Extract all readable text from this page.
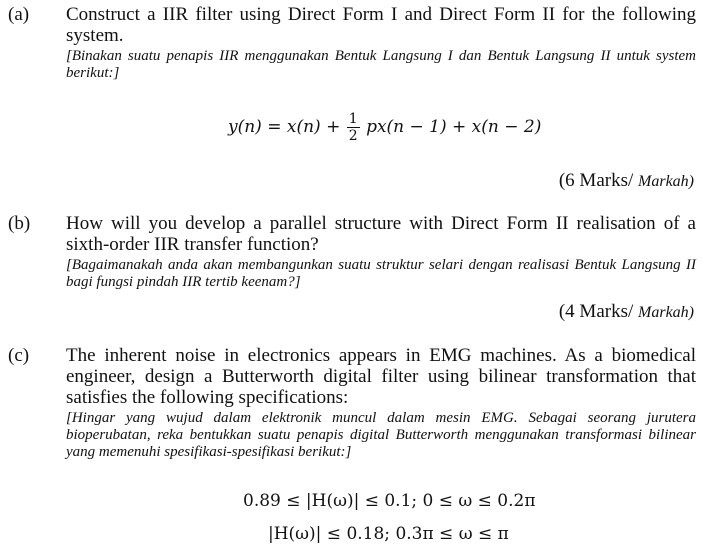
(a) Construct a IIR filter using Direct Form I and Direct Form II for the following system.
[Binakan suatu penapis IIR menggunakan Bentuk Langsung I dan Bentuk Langsung II untuk system berikut:]
$y(n) = x(n) + \frac{1}{2} px(n - 1) + x(n - 2)$
(6 Marks/ Markah)
(b) How will you develop a parallel structure with Direct Form II realisation of a sixth-order IIR transfer function?
[Bagaimanakah anda akan membangunkan suatu struktur selari dengan realisasi Bentuk Langsung II bagi fungsi pindah IIR tertib keenam?]
(4 Marks/ Markah)
(c) The inherent noise in electronics appears in EMG machines. As a biomedical engineer, design a Butterworth digital filter using bilinear transformation that satisfies the following specifications:
[Hingar yang wujud dalam elektronik muncul dalam mesin EMG. Sebagai seorang jurutera bioperubatan, reka bentukkan suatu penapis digital Butterworth menggunakan transformasi bilinear yang memenuhi spesifikasi-spesifikasi berikut:]
0.89 ≤ |H(ω)| ≤ 0.1; 0 ≤ ω ≤ 0.2π
|H(ω)| ≤ 0.18; 0.3π ≤ ω ≤ π
